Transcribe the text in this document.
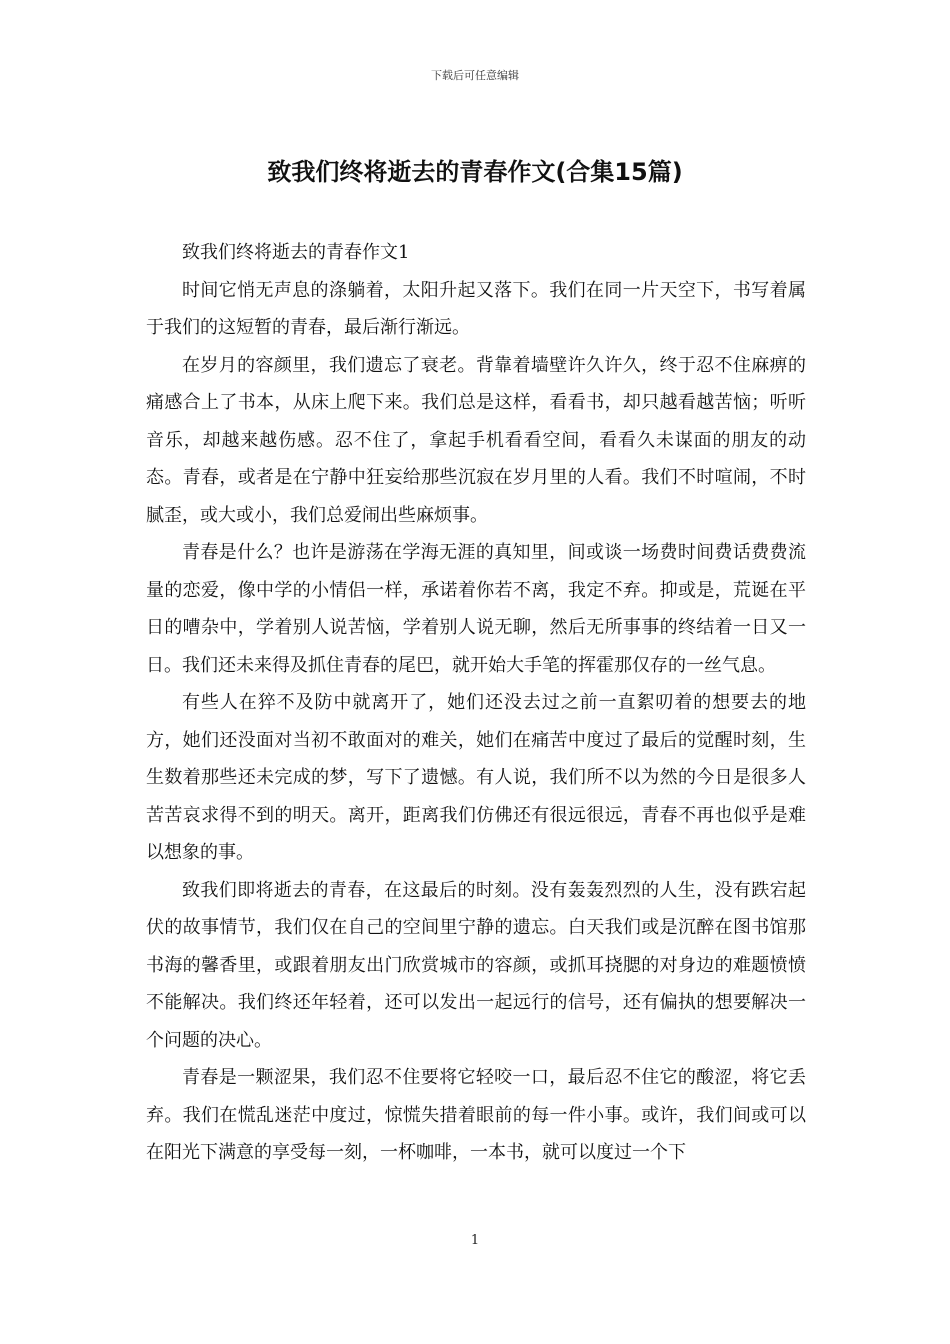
下载后可任意编辑
致我们终将逝去的青春作文(合集15篇)

致我们终将逝去的青春作文1

时间它悄无声息的涤躺着，太阳升起又落下。我们在同一片天空下，书写着属于我们的这短暂的青春，最后渐行渐远。

在岁月的容颜里，我们遗忘了衰老。背靠着墙壁许久许久，终于忍不住麻痹的痛感合上了书本，从床上爬下来。我们总是这样，看看书，却只越看越苦恼；听听音乐，却越来越伤感。忍不住了，拿起手机看看空间，看看久未谋面的朋友的动态。青春，或者是在宁静中狂妄给那些沉寂在岁月里的人看。我们不时喧闹，不时腻歪，或大或小，我们总爱闹出些麻烦事。

青春是什么？也许是游荡在学海无涯的真知里，间或谈一场费时间费话费费流量的恋爱，像中学的小情侣一样，承诺着你若不离，我定不弃。抑或是，荒诞在平日的嘈杂中，学着别人说苦恼，学着别人说无聊，然后无所事事的终结着一日又一日。我们还未来得及抓住青春的尾巴，就开始大手笔的挥霍那仅存的一丝气息。

有些人在猝不及防中就离开了，她们还没去过之前一直絮叨着的想要去的地方，她们还没面对当初不敢面对的难关，她们在痛苦中度过了最后的觉醒时刻，生生数着那些还未完成的梦，写下了遗憾。有人说，我们所不以为然的今日是很多人苦苦哀求得不到的明天。离开，距离我们仿佛还有很远很远，青春不再也似乎是难以想象的事。

致我们即将逝去的青春，在这最后的时刻。没有轰轰烈烈的人生，没有跌宕起伏的故事情节，我们仅在自己的空间里宁静的遗忘。白天我们或是沉醉在图书馆那书海的馨香里，或跟着朋友出门欣赏城市的容颜，或抓耳挠腮的对身边的难题愤愤不能解决。我们终还年轻着，还可以发出一起远行的信号，还有偏执的想要解决一个问题的决心。

青春是一颗涩果，我们忍不住要将它轻咬一口，最后忍不住它的酸涩，将它丢弃。我们在慌乱迷茫中度过，惊慌失措着眼前的每一件小事。或许，我们间或可以在阳光下满意的享受每一刻，一杯咖啡，一本书，就可以度过一个下

1
